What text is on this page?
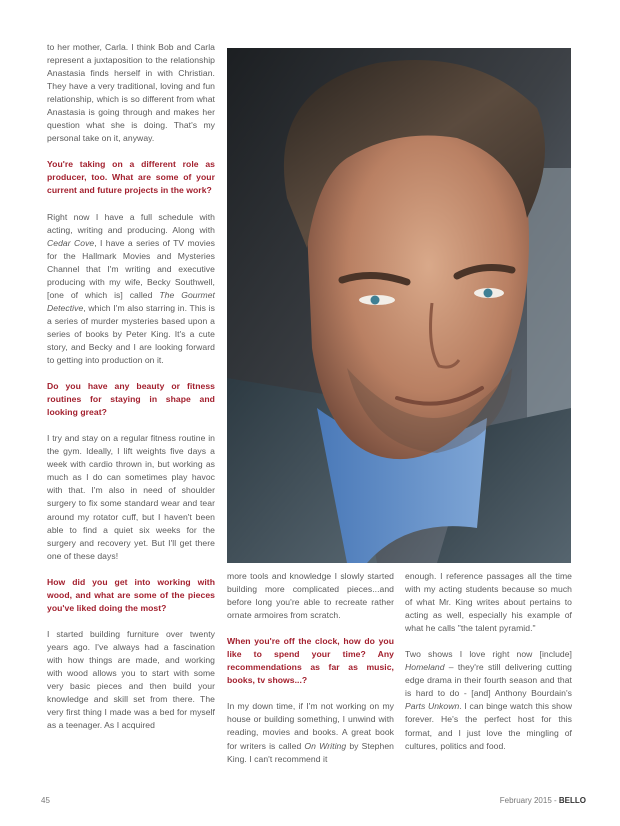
to her mother, Carla. I think Bob and Carla represent a juxtaposition to the relationship Anastasia finds herself in with Christian. They have a very traditional, loving and fun relationship, which is so different from what Anastasia is going through and makes her question what she is doing. That's my personal take on it, anyway.

You're taking on a different role as producer, too. What are some of your current and future projects in the work?

Right now I have a full schedule with acting, writing and producing. Along with Cedar Cove, I have a series of TV movies for the Hallmark Movies and Mysteries Channel that I'm writing and executive producing with my wife, Becky Southwell, [one of which is] called The Gourmet Detective, which I'm also starring in. This is a series of murder mysteries based upon a series of books by Peter King. It's a cute story, and Becky and I are looking forward to getting into production on it.

Do you have any beauty or fitness routines for staying in shape and looking great?

I try and stay on a regular fitness routine in the gym. Ideally, I lift weights five days a week with cardio thrown in, but working as much as I do can sometimes play havoc with that. I'm also in need of shoulder surgery to fix some standard wear and tear around my rotator cuff, but I haven't been able to find a quiet six weeks for the surgery and recovery yet. But I'll get there one of these days!

How did you get into working with wood, and what are some of the pieces you've liked doing the most?

I started building furniture over twenty years ago. I've always had a fascination with how things are made, and working with wood allows you to start with some very basic pieces and then build your knowledge and skill set from there. The very first thing I made was a bed for myself as a teenager. As I acquired

more tools and knowledge I slowly started building more complicated pieces...and before long you're able to recreate rather ornate armoires from scratch.

When you're off the clock, how do you like to spend your time? Any recommendations as far as music, books, tv shows...?

In my down time, if I'm not working on my house or building something, I unwind with reading, movies and books. A great book for writers is called On Writing by Stephen King. I can't recommend it

enough. I reference passages all the time with my acting students because so much of what Mr. King writes about pertains to acting as well, especially his example of what he calls "the talent pyramid."

Two shows I love right now [include] Homeland – they're still delivering cutting edge drama in their fourth season and that is hard to do - [and] Anthony Bourdain's Parts Unkown. I can binge watch this show forever. He's the perfect host for this format, and I just love the mingling of cultures, politics and food.

45	February 2015 - BELLO
